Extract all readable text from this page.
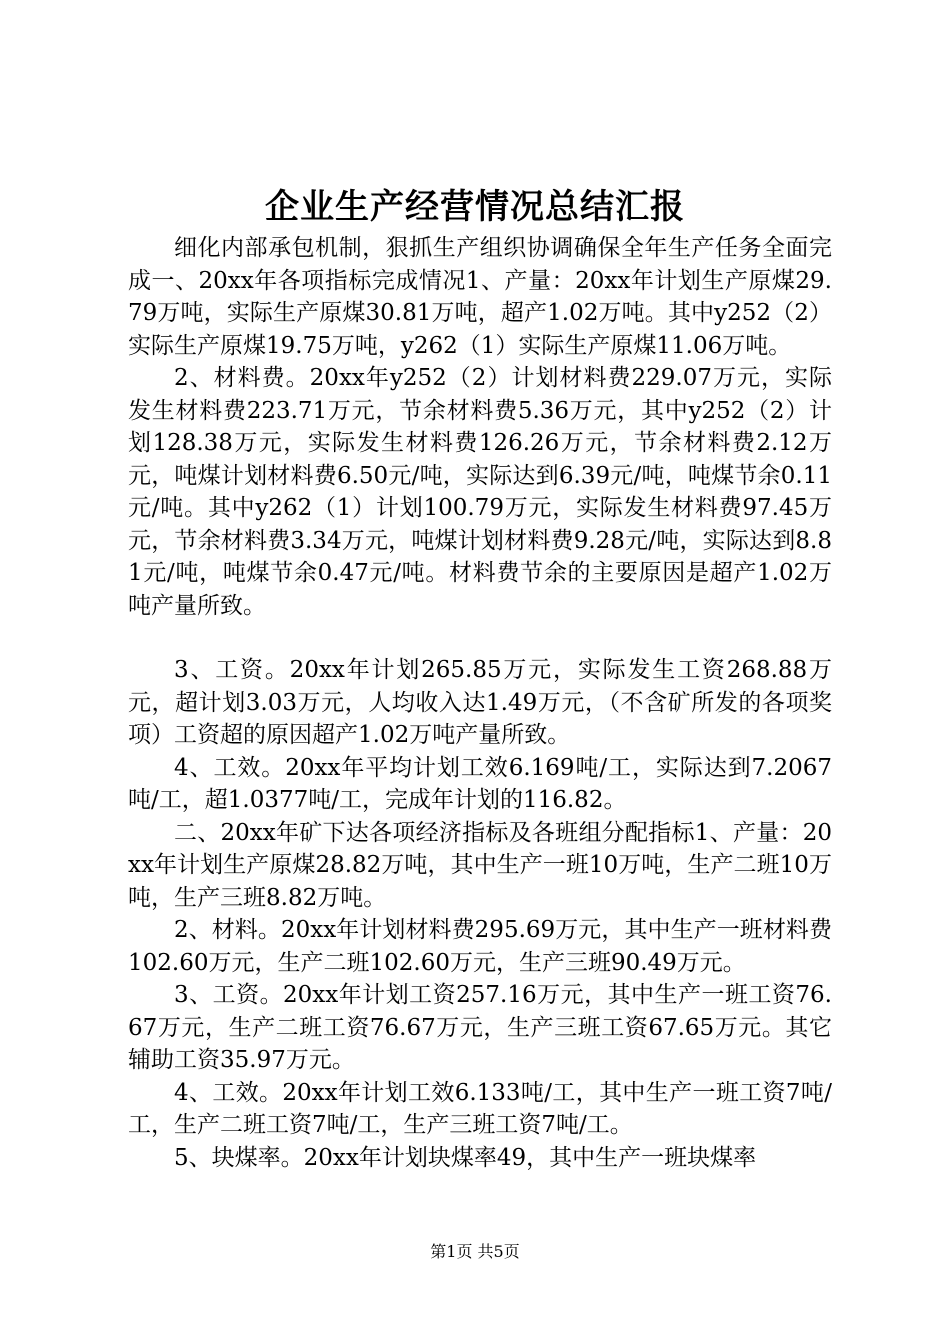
企业生产经营情况总结汇报

细化内部承包机制，狠抓生产组织协调确保全年生产任务全面完成一、20xx年各项指标完成情况1、产量：20xx年计划生产原煤29.79万吨，实际生产原煤30.81万吨，超产1.02万吨。其中y252（2）实际生产原煤19.75万吨，y262（1）实际生产原煤11.06万吨。

2、材料费。20xx年y252（2）计划材料费229.07万元，实际发生材料费223.71万元，节余材料费5.36万元，其中y252（2）计划128.38万元，实际发生材料费126.26万元，节余材料费2.12万元，吨煤计划材料费6.50元/吨，实际达到6.39元/吨，吨煤节余0.11元/吨。其中y262（1）计划100.79万元，实际发生材料费97.45万元，节余材料费3.34万元，吨煤计划材料费9.28元/吨，实际达到8.81元/吨，吨煤节余0.47元/吨。材料费节余的主要原因是超产1.02万吨产量所致。

3、工资。20xx年计划265.85万元，实际发生工资268.88万元，超计划3.03万元，人均收入达1.49万元，（不含矿所发的各项奖项）工资超的原因超产1.02万吨产量所致。

4、工效。20xx年平均计划工效6.169吨/工，实际达到7.2067吨/工，超1.0377吨/工，完成年计划的116.82。

二、20xx年矿下达各项经济指标及各班组分配指标1、产量：20xx年计划生产原煤28.82万吨，其中生产一班10万吨，生产二班10万吨，生产三班8.82万吨。

2、材料。20xx年计划材料费295.69万元，其中生产一班材料费102.60万元，生产二班102.60万元，生产三班90.49万元。

3、工资。20xx年计划工资257.16万元，其中生产一班工资76.67万元，生产二班工资76.67万元，生产三班工资67.65万元。其它辅助工资35.97万元。

4、工效。20xx年计划工效6.133吨/工，其中生产一班工资7吨/工，生产二班工资7吨/工，生产三班工资7吨/工。

5、块煤率。20xx年计划块煤率49，其中生产一班块煤率

第1页 共5页
